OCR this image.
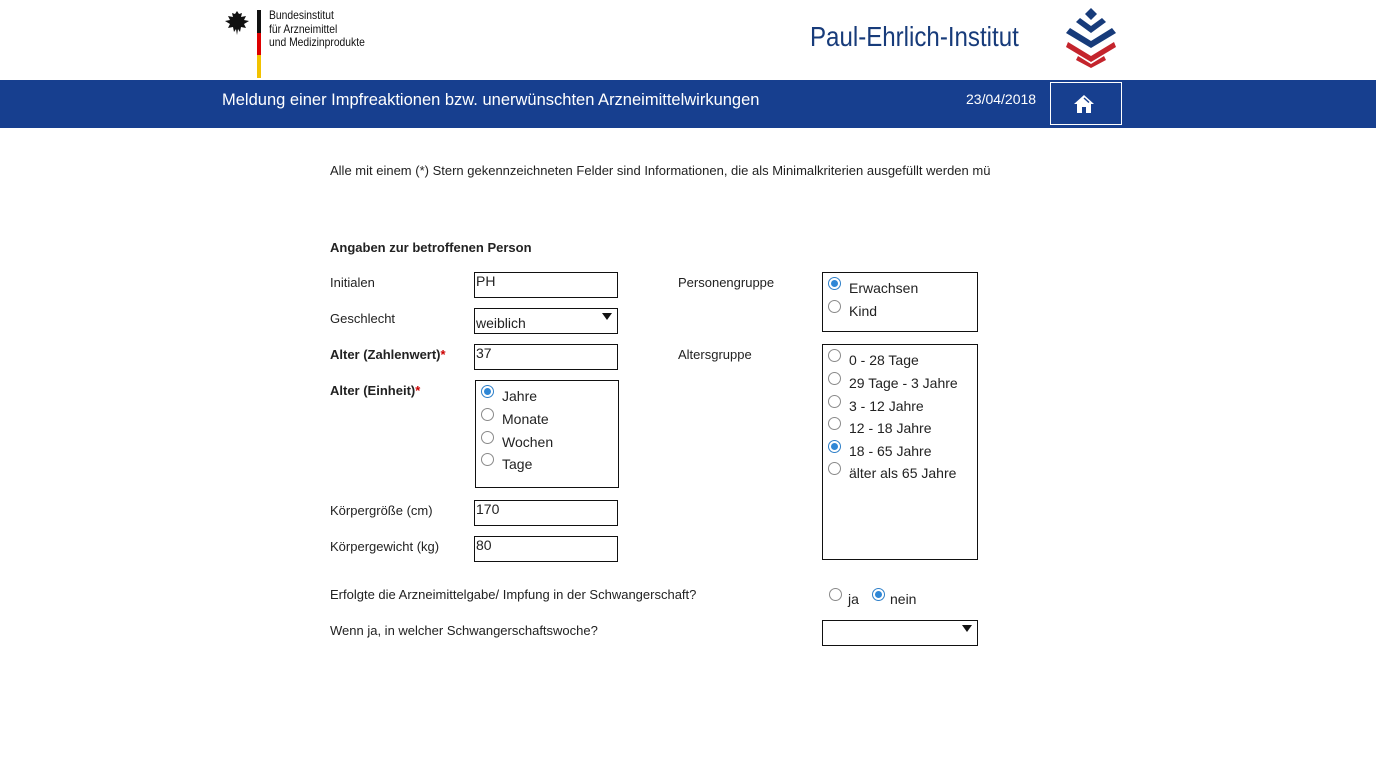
Bundesinstitut
für Arzneimittel
und Medizinprodukte	Paul-Ehrlich-Institut
Meldung einer Impfreaktionen bzw. unerwünschten Arzneimittelwirkungen	23/04/2018
Alle mit einem (*) Stern gekennzeichneten Felder sind Informationen, die als Minimalkriterien ausgefüllt werden mü
Angaben zur betroffenen Person
Initialen	PH
Geschlecht	weiblich
Alter (Zahlenwert)* 37
Alter (Einheit)*	Jahre
Monate
Wochen
Tage
Körpergröße (cm)	170
Körpergewicht (kg)	80
Personengruppe	Erwachsen
Kind
Altersgruppe	0 - 28 Tage
29 Tage - 3 Jahre
3 - 12 Jahre
12 - 18 Jahre
18 - 65 Jahre
älter als 65 Jahre
Erfolgte die Arzneimittelgabe/ Impfung in der Schwangerschaft?	ja nein
Wenn ja, in welcher Schwangerschaftswoche?
